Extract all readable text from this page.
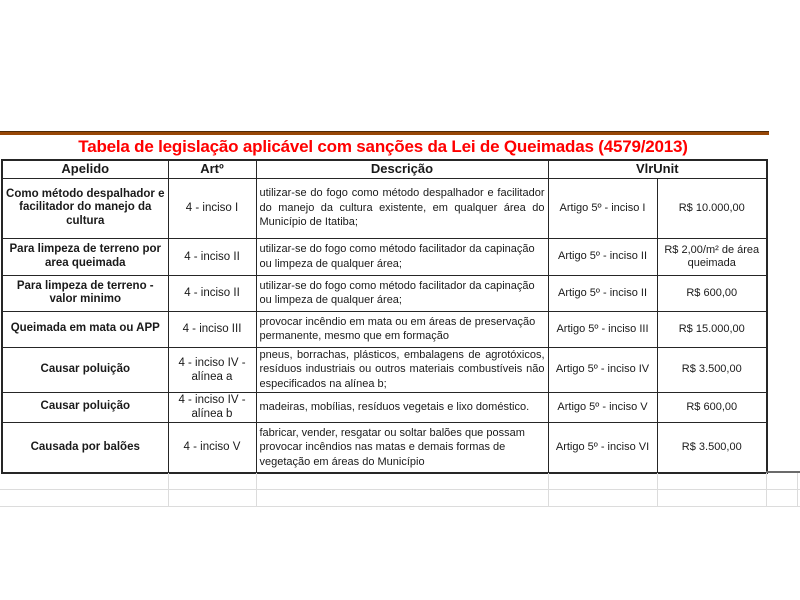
Tabela de legislação aplicável com sanções da Lei de Queimadas (4579/2013)
Apelido	Artº	Descrição	VlrUnit	
Como método despalhador e facilitador do manejo da cultura	4 - inciso I	utilizar-se do fogo como método despalhador e facilitador do manejo da cultura existente, em qualquer área do Município de Itatiba;	Artigo 5º - inciso I	R$ 10.000,00
Para limpeza de terreno por area queimada	4 - inciso II	utilizar-se do fogo como método facilitador da capinação ou limpeza de qualquer área;	Artigo 5º - inciso II	R$ 2,00/m² de área queimada
Para limpeza de terreno - valor minimo	4 - inciso II	utilizar-se do fogo como método facilitador da capinação ou limpeza de qualquer área;	Artigo 5º - inciso II	R$ 600,00
Queimada em mata ou APP	4 - inciso III	provocar incêndio em mata ou em áreas de preservação permanente, mesmo que em formação	Artigo 5º - inciso III	R$ 15.000,00
Causar poluição	4 - inciso IV - alínea a	pneus, borrachas, plásticos, embalagens de agrotóxicos, resíduos industriais ou outros materiais combustíveis não especificados na alínea b;	Artigo 5º - inciso IV	R$ 3.500,00
Causar poluição	4 - inciso IV - alínea b	madeiras, mobílias, resíduos vegetais e lixo doméstico.	Artigo 5º - inciso V	R$ 600,00
Causada por balões	4 - inciso V	fabricar, vender, resgatar ou soltar balões que possam provocar incêndios nas matas e demais formas de vegetação em áreas do Município	Artigo 5º - inciso VI	R$ 3.500,00
